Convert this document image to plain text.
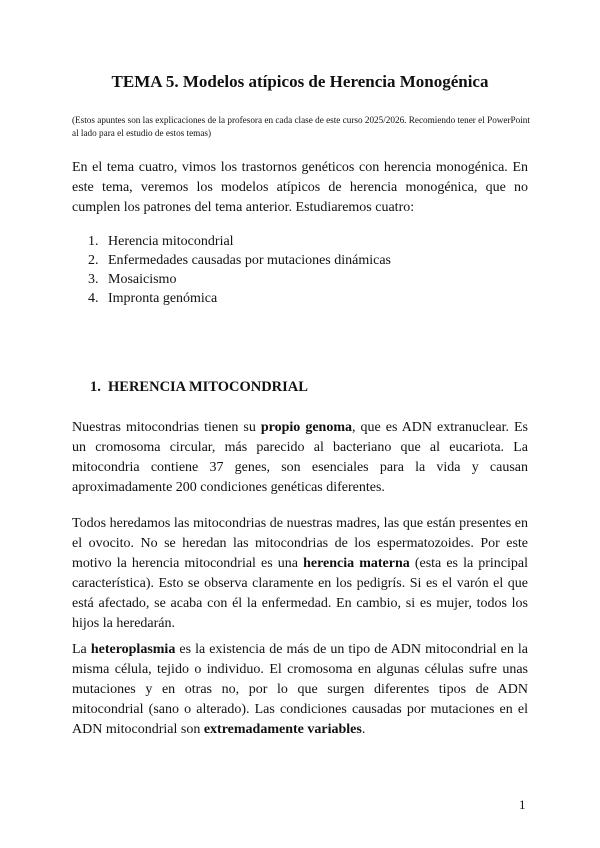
TEMA 5. Modelos atípicos de Herencia Monogénica

(Estos apuntes son las explicaciones de la profesora en cada clase de este curso 2025/2026. Recomiendo tener el PowerPoint al lado para el estudio de estos temas)

En el tema cuatro, vimos los trastornos genéticos con herencia monogénica. En este tema, veremos los modelos atípicos de herencia monogénica, que no cumplen los patrones del tema anterior. Estudiaremos cuatro:

1. Herencia mitocondrial
2. Enfermedades causadas por mutaciones dinámicas
3. Mosaicismo
4. Impronta genómica
1. HERENCIA MITOCONDRIAL

Nuestras mitocondrias tienen su propio genoma, que es ADN extranuclear. Es un cromosoma circular, más parecido al bacteriano que al eucariota. La mitocondria contiene 37 genes, son esenciales para la vida y causan aproximadamente 200 condiciones genéticas diferentes.

Todos heredamos las mitocondrias de nuestras madres, las que están presentes en el ovocito. No se heredan las mitocondrias de los espermatozoides. Por este motivo la herencia mitocondrial es una herencia materna (esta es la principal característica). Esto se observa claramente en los pedigrís. Si es el varón el que está afectado, se acaba con él la enfermedad. En cambio, si es mujer, todos los hijos la heredarán.

La heteroplasmia es la existencia de más de un tipo de ADN mitocondrial en la misma célula, tejido o individuo. El cromosoma en algunas células sufre unas mutaciones y en otras no, por lo que surgen diferentes tipos de ADN mitocondrial (sano o alterado). Las condiciones causadas por mutaciones en el ADN mitocondrial son extremadamente variables.

1
